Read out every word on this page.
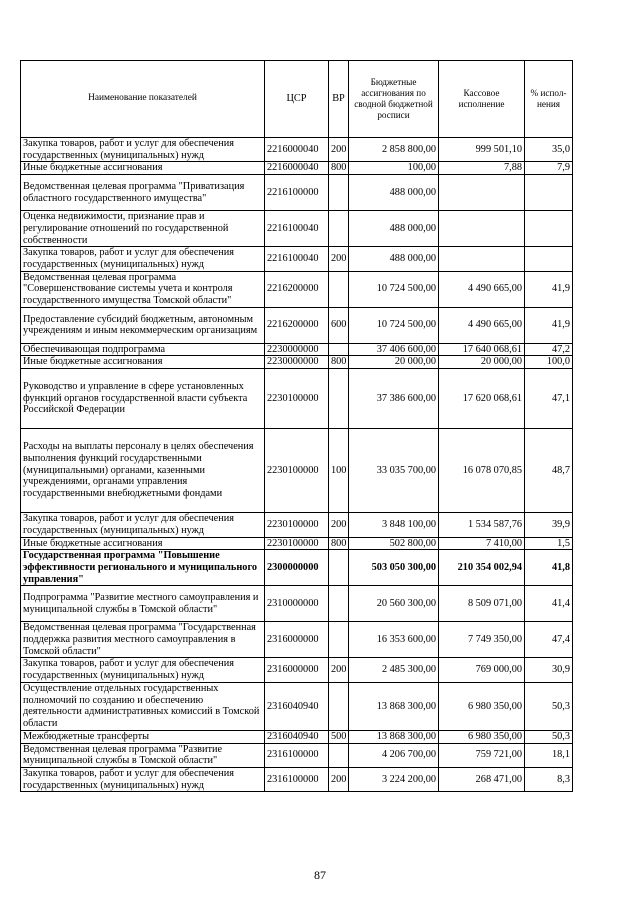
Наименование показателей	ЦСР	ВР	Бюджетные ассигнования по сводной бюджетной росписи	Кассовое исполнение	% испол-нения
Закупка товаров, работ и услуг для обеспечения государственных (муниципальных) нужд	2216000040	200	2 858 800,00	999 501,10	35,0
Иные бюджетные ассигнования	2216000040	800	100,00	7,88	7,9
Ведомственная целевая программа "Приватизация областного государственного имущества"	2216100000		488 000,00		
Оценка недвижимости, признание прав и регулирование отношений по государственной собственности	2216100040		488 000,00		
Закупка товаров, работ и услуг для обеспечения государственных (муниципальных) нужд	2216100040	200	488 000,00		
Ведомственная целевая программа "Совершенствование системы учета и контроля государственного имущества Томской области"	2216200000		10 724 500,00	4 490 665,00	41,9
Предоставление субсидий бюджетным, автономным учреждениям и иным некоммерческим организациям	2216200000	600	10 724 500,00	4 490 665,00	41,9
Обеспечивающая подпрограмма	2230000000		37 406 600,00	17 640 068,61	47,2
Иные бюджетные ассигнования	2230000000	800	20 000,00	20 000,00	100,0
Руководство и управление в сфере установленных функций органов государственной власти субъекта Российской Федерации	2230100000		37 386 600,00	17 620 068,61	47,1
Расходы на выплаты персоналу в целях обеспечения выполнения функций государственными (муниципальными) органами, казенными учреждениями, органами управления государственными внебюджетными фондами	2230100000	100	33 035 700,00	16 078 070,85	48,7
Закупка товаров, работ и услуг для обеспечения государственных (муниципальных) нужд	2230100000	200	3 848 100,00	1 534 587,76	39,9
Иные бюджетные ассигнования	2230100000	800	502 800,00	7 410,00	1,5
Государственная программа "Повышение эффективности регионального и муниципального управления"	2300000000		503 050 300,00	210 354 002,94	41,8
Подпрограмма "Развитие местного самоуправления и муниципальной службы в Томской области"	2310000000		20 560 300,00	8 509 071,00	41,4
Ведомственная целевая программа "Государственная поддержка развития местного самоуправления в Томской области"	2316000000		16 353 600,00	7 749 350,00	47,4
Закупка товаров, работ и услуг для обеспечения государственных (муниципальных) нужд	2316000000	200	2 485 300,00	769 000,00	30,9
Осуществление отдельных государственных полномочий по созданию и обеспечению деятельности административных комиссий в Томской области	2316040940		13 868 300,00	6 980 350,00	50,3
Межбюджетные трансферты	2316040940	500	13 868 300,00	6 980 350,00	50,3
Ведомственная целевая программа "Развитие муниципальной службы в Томской области"	2316100000		4 206 700,00	759 721,00	18,1
Закупка товаров, работ и услуг для обеспечения государственных (муниципальных) нужд	2316100000	200	3 224 200,00	268 471,00	8,3
87
